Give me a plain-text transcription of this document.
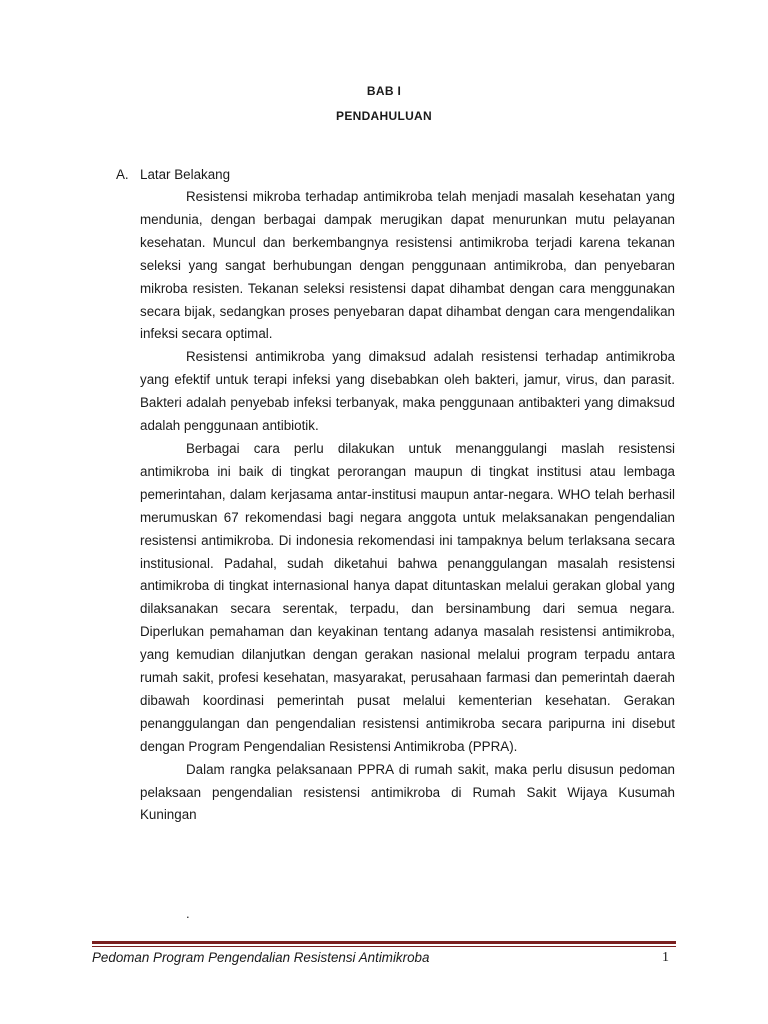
BAB I
PENDAHULUAN
A. Latar Belakang

Resistensi mikroba terhadap antimikroba telah menjadi masalah kesehatan yang mendunia, dengan berbagai dampak merugikan dapat menurunkan mutu pelayanan kesehatan. Muncul dan berkembangnya resistensi antimikroba terjadi karena tekanan seleksi yang sangat berhubungan dengan penggunaan antimikroba, dan penyebaran mikroba resisten. Tekanan seleksi resistensi dapat dihambat dengan cara menggunakan secara bijak, sedangkan proses penyebaran dapat dihambat dengan cara mengendalikan infeksi secara optimal.

Resistensi antimikroba yang dimaksud adalah resistensi terhadap antimikroba yang efektif untuk terapi infeksi yang disebabkan oleh bakteri, jamur, virus, dan parasit. Bakteri adalah penyebab infeksi terbanyak, maka penggunaan antibakteri yang dimaksud adalah penggunaan antibiotik.

Berbagai cara perlu dilakukan untuk menanggulangi maslah resistensi antimikroba ini baik di tingkat perorangan maupun di tingkat institusi atau lembaga pemerintahan, dalam kerjasama antar-institusi maupun antar-negara. WHO telah berhasil merumuskan 67 rekomendasi bagi negara anggota untuk melaksanakan pengendalian resistensi antimikroba. Di indonesia rekomendasi ini tampaknya belum terlaksana secara institusional. Padahal, sudah diketahui bahwa penanggulangan masalah resistensi antimikroba di tingkat internasional hanya dapat dituntaskan melalui gerakan global yang dilaksanakan secara serentak, terpadu, dan bersinambung dari semua negara. Diperlukan pemahaman dan keyakinan tentang adanya masalah resistensi antimikroba, yang kemudian dilanjutkan dengan gerakan nasional melalui program terpadu antara rumah sakit, profesi kesehatan, masyarakat, perusahaan farmasi dan pemerintah daerah dibawah koordinasi pemerintah pusat melalui kementerian kesehatan. Gerakan penanggulangan dan pengendalian resistensi antimikroba secara paripurna ini disebut dengan Program Pengendalian Resistensi Antimikroba (PPRA).

Dalam rangka pelaksanaan PPRA di rumah sakit, maka perlu disusun pedoman pelaksaan pengendalian resistensi antimikroba di Rumah Sakit Wijaya Kusumah Kuningan

.
Pedoman Program Pengendalian Resistensi Antimikroba	1
